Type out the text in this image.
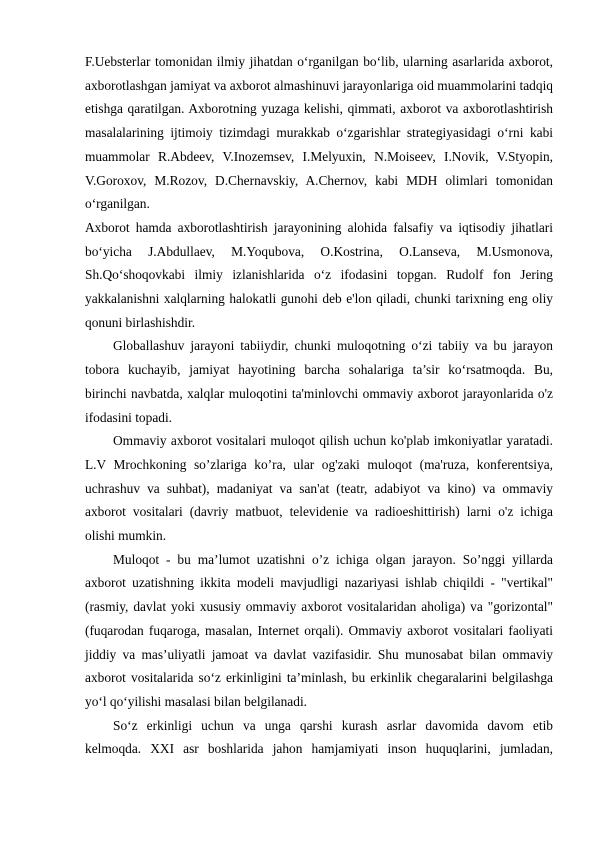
F.Uebsterlar tomonidan ilmiy jihatdan o‘rganilgan bo‘lib, ularning asarlarida axborot, axborotlashgan jamiyat va axborot almashinuvi jarayonlariga oid muammolarini tadqiq etishga qaratilgan. Axborotning yuzaga kelishi, qimmati, axborot va axborotlashtirish masalalarining ijtimoiy tizimdagi murakkab o‘zgarishlar strategiyasidagi o‘rni kabi muammolar R.Abdeev, V.Inozemsev, I.Melyuxin, N.Moiseev, I.Novik, V.Styopin, V.Goroxov, M.Rozov, D.Chernavskiy, A.Chernov, kabi MDH olimlari tomonidan o‘rganilgan.

Axborot hamda axborotlashtirish jarayonining alohida falsafiy va iqtisodiy jihatlari bo‘yicha J.Abdullaev, M.Yoqubova, O.Kostrina, O.Lanseva, M.Usmonova, Sh.Qo‘shoqovkabi ilmiy izlanishlarida o‘z ifodasini topgan. Rudolf fon Jering yakkalanishni xalqlarning halokatli gunohi deb e'lon qiladi, chunki tarixning eng oliy qonuni birlashishdir.

Globallashuv jarayoni tabiiydir, chunki muloqotning o‘zi tabiiy va bu jarayon tobora kuchayib, jamiyat hayotining barcha sohalariga ta’sir ko‘rsatmoqda. Bu, birinchi navbatda, xalqlar muloqotini ta'minlovchi ommaviy axborot jarayonlarida o'z ifodasini topadi.

Ommaviy axborot vositalari muloqot qilish uchun ko'plab imkoniyatlar yaratadi. L.V Mrochkoning so’zlariga ko’ra, ular og'zaki muloqot (ma'ruza, konferentsiya, uchrashuv va suhbat), madaniyat va san'at (teatr, adabiyot va kino) va ommaviy axborot vositalari (davriy matbuot, televidenie va radioeshittirish) larni o'z ichiga olishi mumkin.

Muloqot - bu ma’lumot uzatishni o’z ichiga olgan jarayon. So’nggi yillarda axborot uzatishning ikkita modeli mavjudligi nazariyasi ishlab chiqildi - "vertikal" (rasmiy, davlat yoki xususiy ommaviy axborot vositalaridan aholiga) va "gorizontal" (fuqarodan fuqaroga, masalan, Internet orqali). Ommaviy axborot vositalari faoliyati jiddiy va mas’uliyatli jamoat va davlat vazifasidir. Shu munosabat bilan ommaviy axborot vositalarida so‘z erkinligini ta’minlash, bu erkinlik chegaralarini belgilashga yo‘l qo‘yilishi masalasi bilan belgilanadi.

So‘z erkinligi uchun va unga qarshi kurash asrlar davomida davom etib kelmoqda. XXI asr boshlarida jahon hamjamiyati inson huquqlarini, jumladan,
